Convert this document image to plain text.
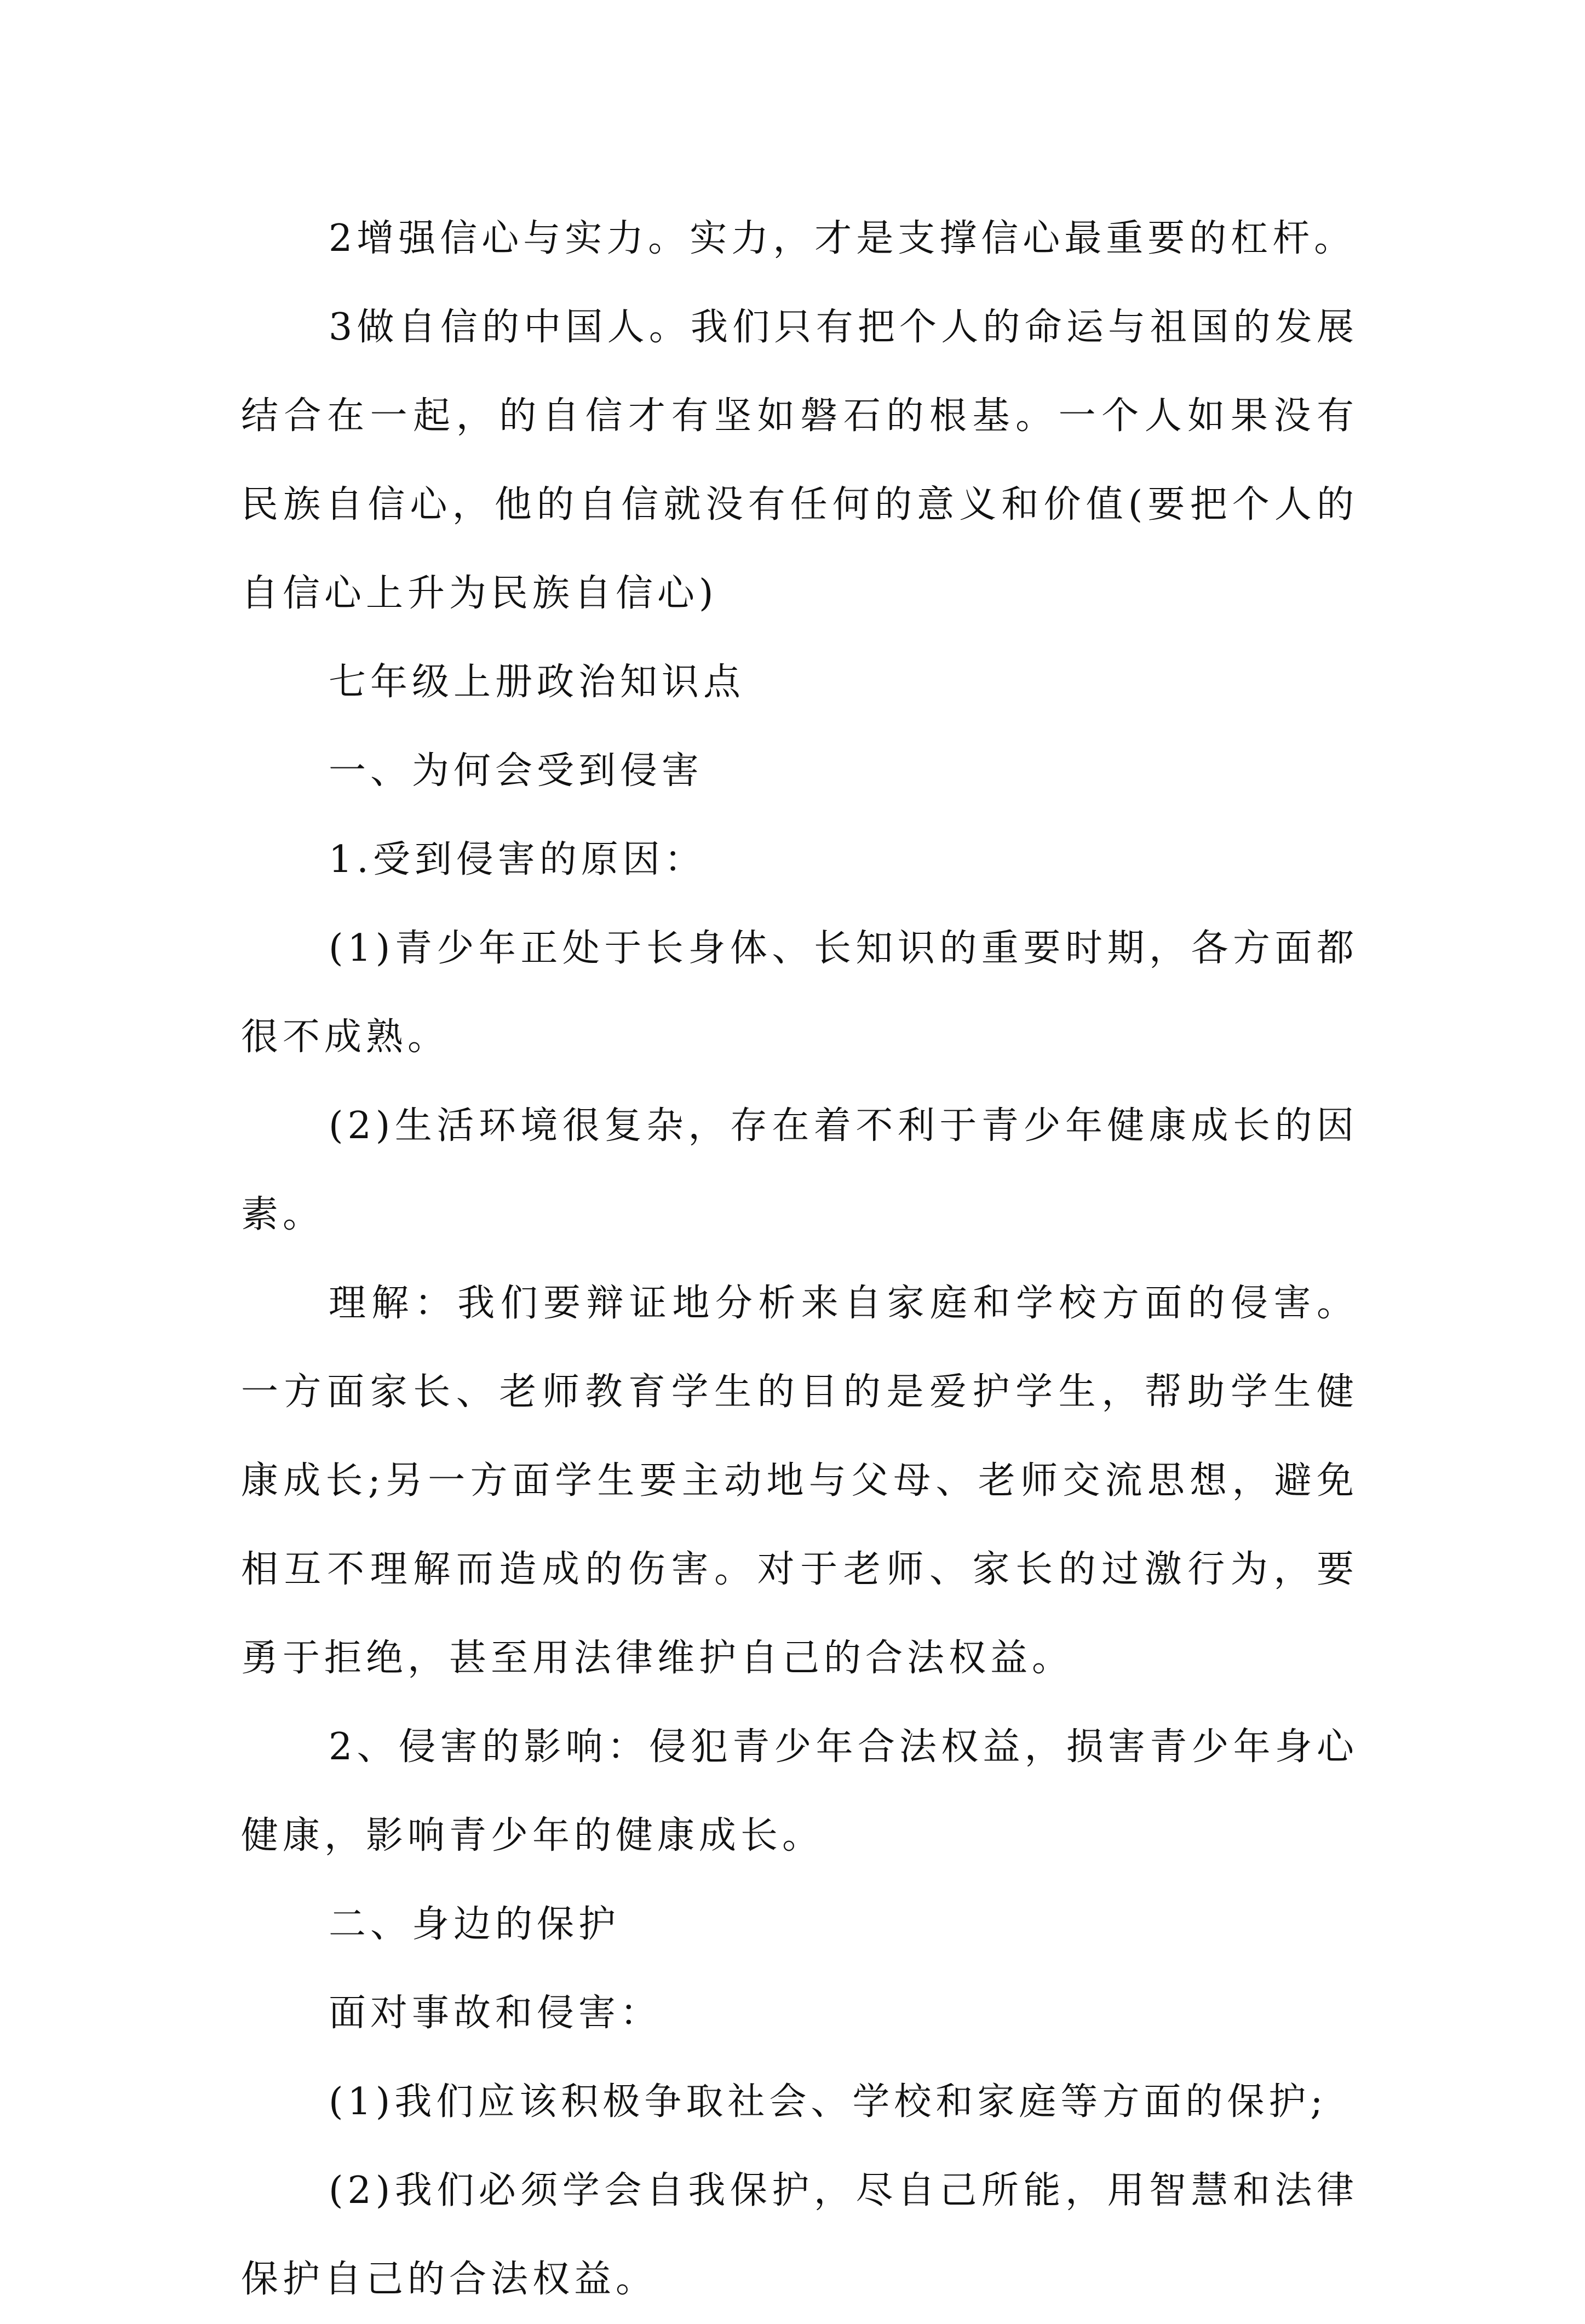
2增强信心与实力。实力，才是支撑信心最重要的杠杆。

3做自信的中国人。我们只有把个人的命运与祖国的发展结合在一起，的自信才有坚如磐石的根基。一个人如果没有民族自信心，他的自信就没有任何的意义和价值(要把个人的自信心上升为民族自信心)

七年级上册政治知识点

一、为何会受到侵害

1.受到侵害的原因：

(1)青少年正处于长身体、长知识的重要时期，各方面都很不成熟。

(2)生活环境很复杂，存在着不利于青少年健康成长的因素。

理解：我们要辩证地分析来自家庭和学校方面的侵害。一方面家长、老师教育学生的目的是爱护学生，帮助学生健康成长;另一方面学生要主动地与父母、老师交流思想，避免相互不理解而造成的伤害。对于老师、家长的过激行为，要勇于拒绝，甚至用法律维护自己的合法权益。

2、侵害的影响：侵犯青少年合法权益，损害青少年身心健康，影响青少年的健康成长。

二、身边的保护

面对事故和侵害：

(1)我们应该积极争取社会、学校和家庭等方面的保护;

(2)我们必须学会自我保护，尽自己所能，用智慧和法律保护自己的合法权益。
